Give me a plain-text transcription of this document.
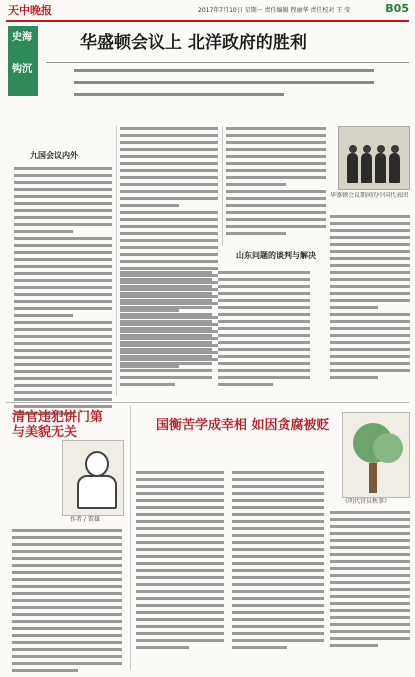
天中晚报	2017年7月10日 星期一 责任编辑 程丽华 责任校对 王 莹	B05
史海
钩沉
华盛顿会议上 北洋政府的胜利
九国会议内外
华盛顿会议期间的中国代表团
山东问题的谈判与解决
清官违犯饼门第与美貌无关
作者 / 雷雄
国衡苦学成幸相 如因贪腐被贬
《明代官员秩事》
